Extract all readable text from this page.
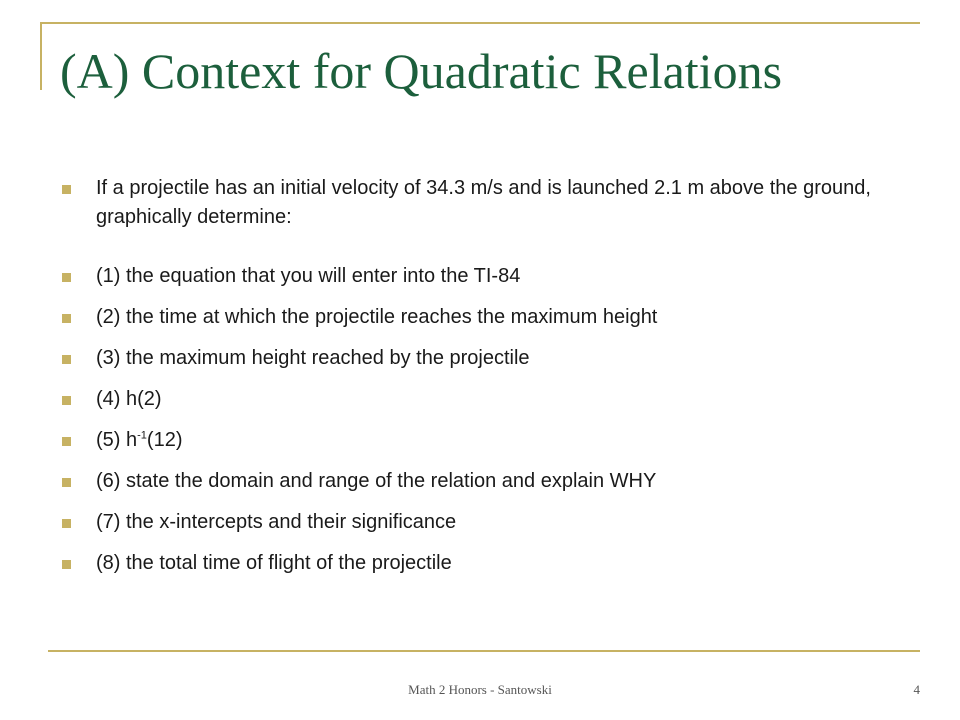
(A) Context for Quadratic Relations
If a projectile has an initial velocity of 34.3 m/s and is launched 2.1 m above the ground, graphically determine:
(1) the equation that you will enter into the TI-84
(2) the time at which the projectile reaches the maximum height
(3) the maximum height reached by the projectile
(4) h(2)
(5) $h^{-1}(12)$
(6) state the domain and range of the relation and explain WHY
(7) the x-intercepts and their significance
(8) the total time of flight of the projectile
Math 2 Honors - Santowski	4
